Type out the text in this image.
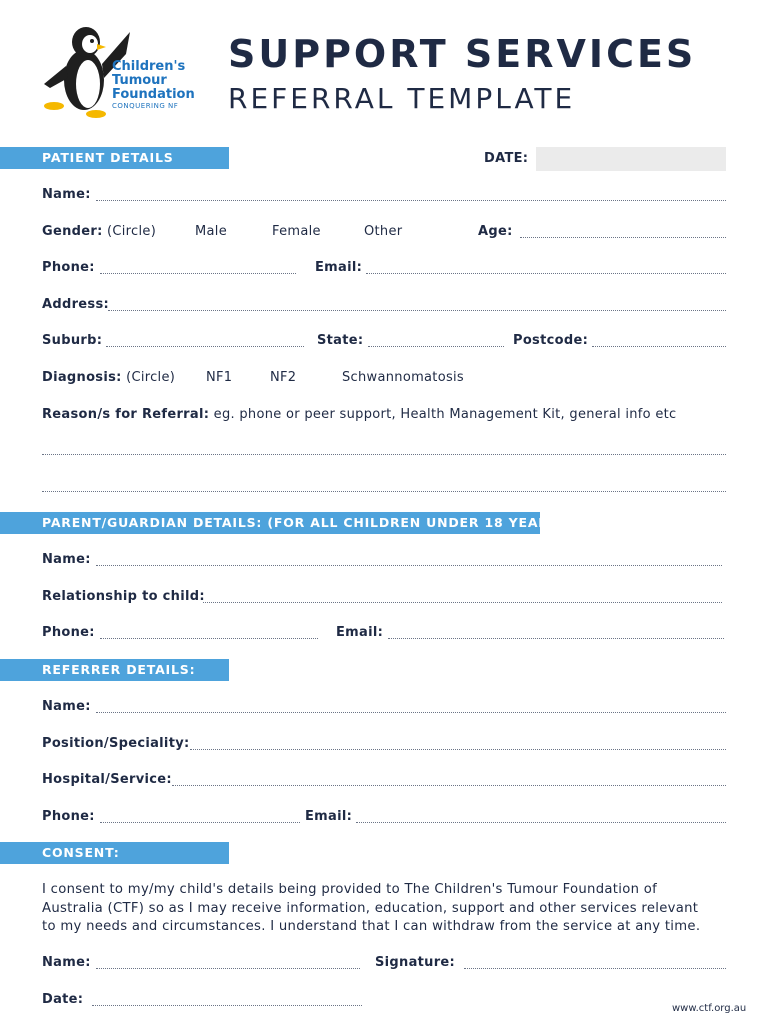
Children's
Tumour
Foundation
CONQUERING NF
SUPPORT SERVICES
REFERRAL TEMPLATE
PATIENT DETAILS	DATE:
Name:
Gender: (Circle)	Male	Female	Other	Age:
Phone:	Email:
Address:
Suburb:	State:	Postcode:
Diagnosis: (Circle) NF1	NF2	Schwannomatosis
Reason/s for Referral: eg. phone or peer support, Health Management Kit, general info etc
PARENT/GUARDIAN DETAILS: (FOR ALL CHILDREN UNDER 18 YEARS)
Name:
Relationship to child:
Phone:	Email:
REFERRER DETAILS:
Name:
Position/Speciality:
Hospital/Service:
Phone:	Email:
CONSENT:
I consent to my/my child's details being provided to The Children's Tumour Foundation of
Australia (CTF) so as I may receive information, education, support and other services relevant
to my needs and circumstances. I understand that I can withdraw from the service at any time.
Name:	Signature:
Date:
www.ctf.org.au
